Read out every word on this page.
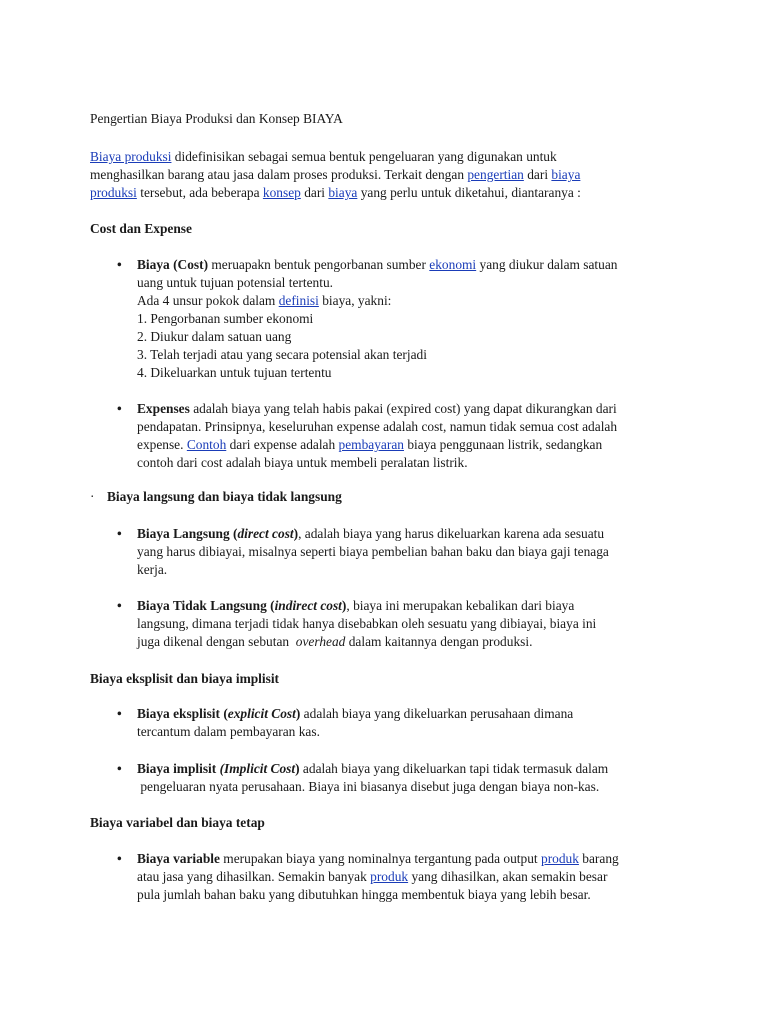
Pengertian Biaya Produksi dan Konsep BIAYA
Biaya produksi didefinisikan sebagai semua bentuk pengeluaran yang digunakan untuk
menghasilkan barang atau jasa dalam proses produksi. Terkait dengan pengertian dari biaya
produksi tersebut, ada beberapa konsep dari biaya yang perlu untuk diketahui, diantaranya :
Cost dan Expense
• Biaya (Cost) meruapakn bentuk pengorbanan sumber ekonomi yang diukur dalam satuan
uang untuk tujuan potensial tertentu.
Ada 4 unsur pokok dalam definisi biaya, yakni:
1. Pengorbanan sumber ekonomi
2. Diukur dalam satuan uang
3. Telah terjadi atau yang secara potensial akan terjadi
4. Dikeluarkan untuk tujuan tertentu
• Expenses adalah biaya yang telah habis pakai (expired cost) yang dapat dikurangkan dari
pendapatan. Prinsipnya, keseluruhan expense adalah cost, namun tidak semua cost adalah
expense. Contoh dari expense adalah pembayaran biaya penggunaan listrik, sedangkan
contoh dari cost adalah biaya untuk membeli peralatan listrik.
· Biaya langsung dan biaya tidak langsung
• Biaya Langsung (direct cost), adalah biaya yang harus dikeluarkan karena ada sesuatu
yang harus dibiayai, misalnya seperti biaya pembelian bahan baku dan biaya gaji tenaga
kerja.
• Biaya Tidak Langsung (indirect cost), biaya ini merupakan kebalikan dari biaya
langsung, dimana terjadi tidak hanya disebabkan oleh sesuatu yang dibiayai, biaya ini
juga dikenal dengan sebutan  overhead dalam kaitannya dengan produksi.
Biaya eksplisit dan biaya implisit
• Biaya eksplisit (explicit Cost) adalah biaya yang dikeluarkan perusahaan dimana
tercantum dalam pembayaran kas.
• Biaya implisit (Implicit Cost) adalah biaya yang dikeluarkan tapi tidak termasuk dalam
pengeluaran nyata perusahaan. Biaya ini biasanya disebut juga dengan biaya non-kas.
Biaya variabel dan biaya tetap
• Biaya variable merupakan biaya yang nominalnya tergantung pada output produk barang
atau jasa yang dihasilkan. Semakin banyak produk yang dihasilkan, akan semakin besar
pula jumlah bahan baku yang dibutuhkan hingga membentuk biaya yang lebih besar.
